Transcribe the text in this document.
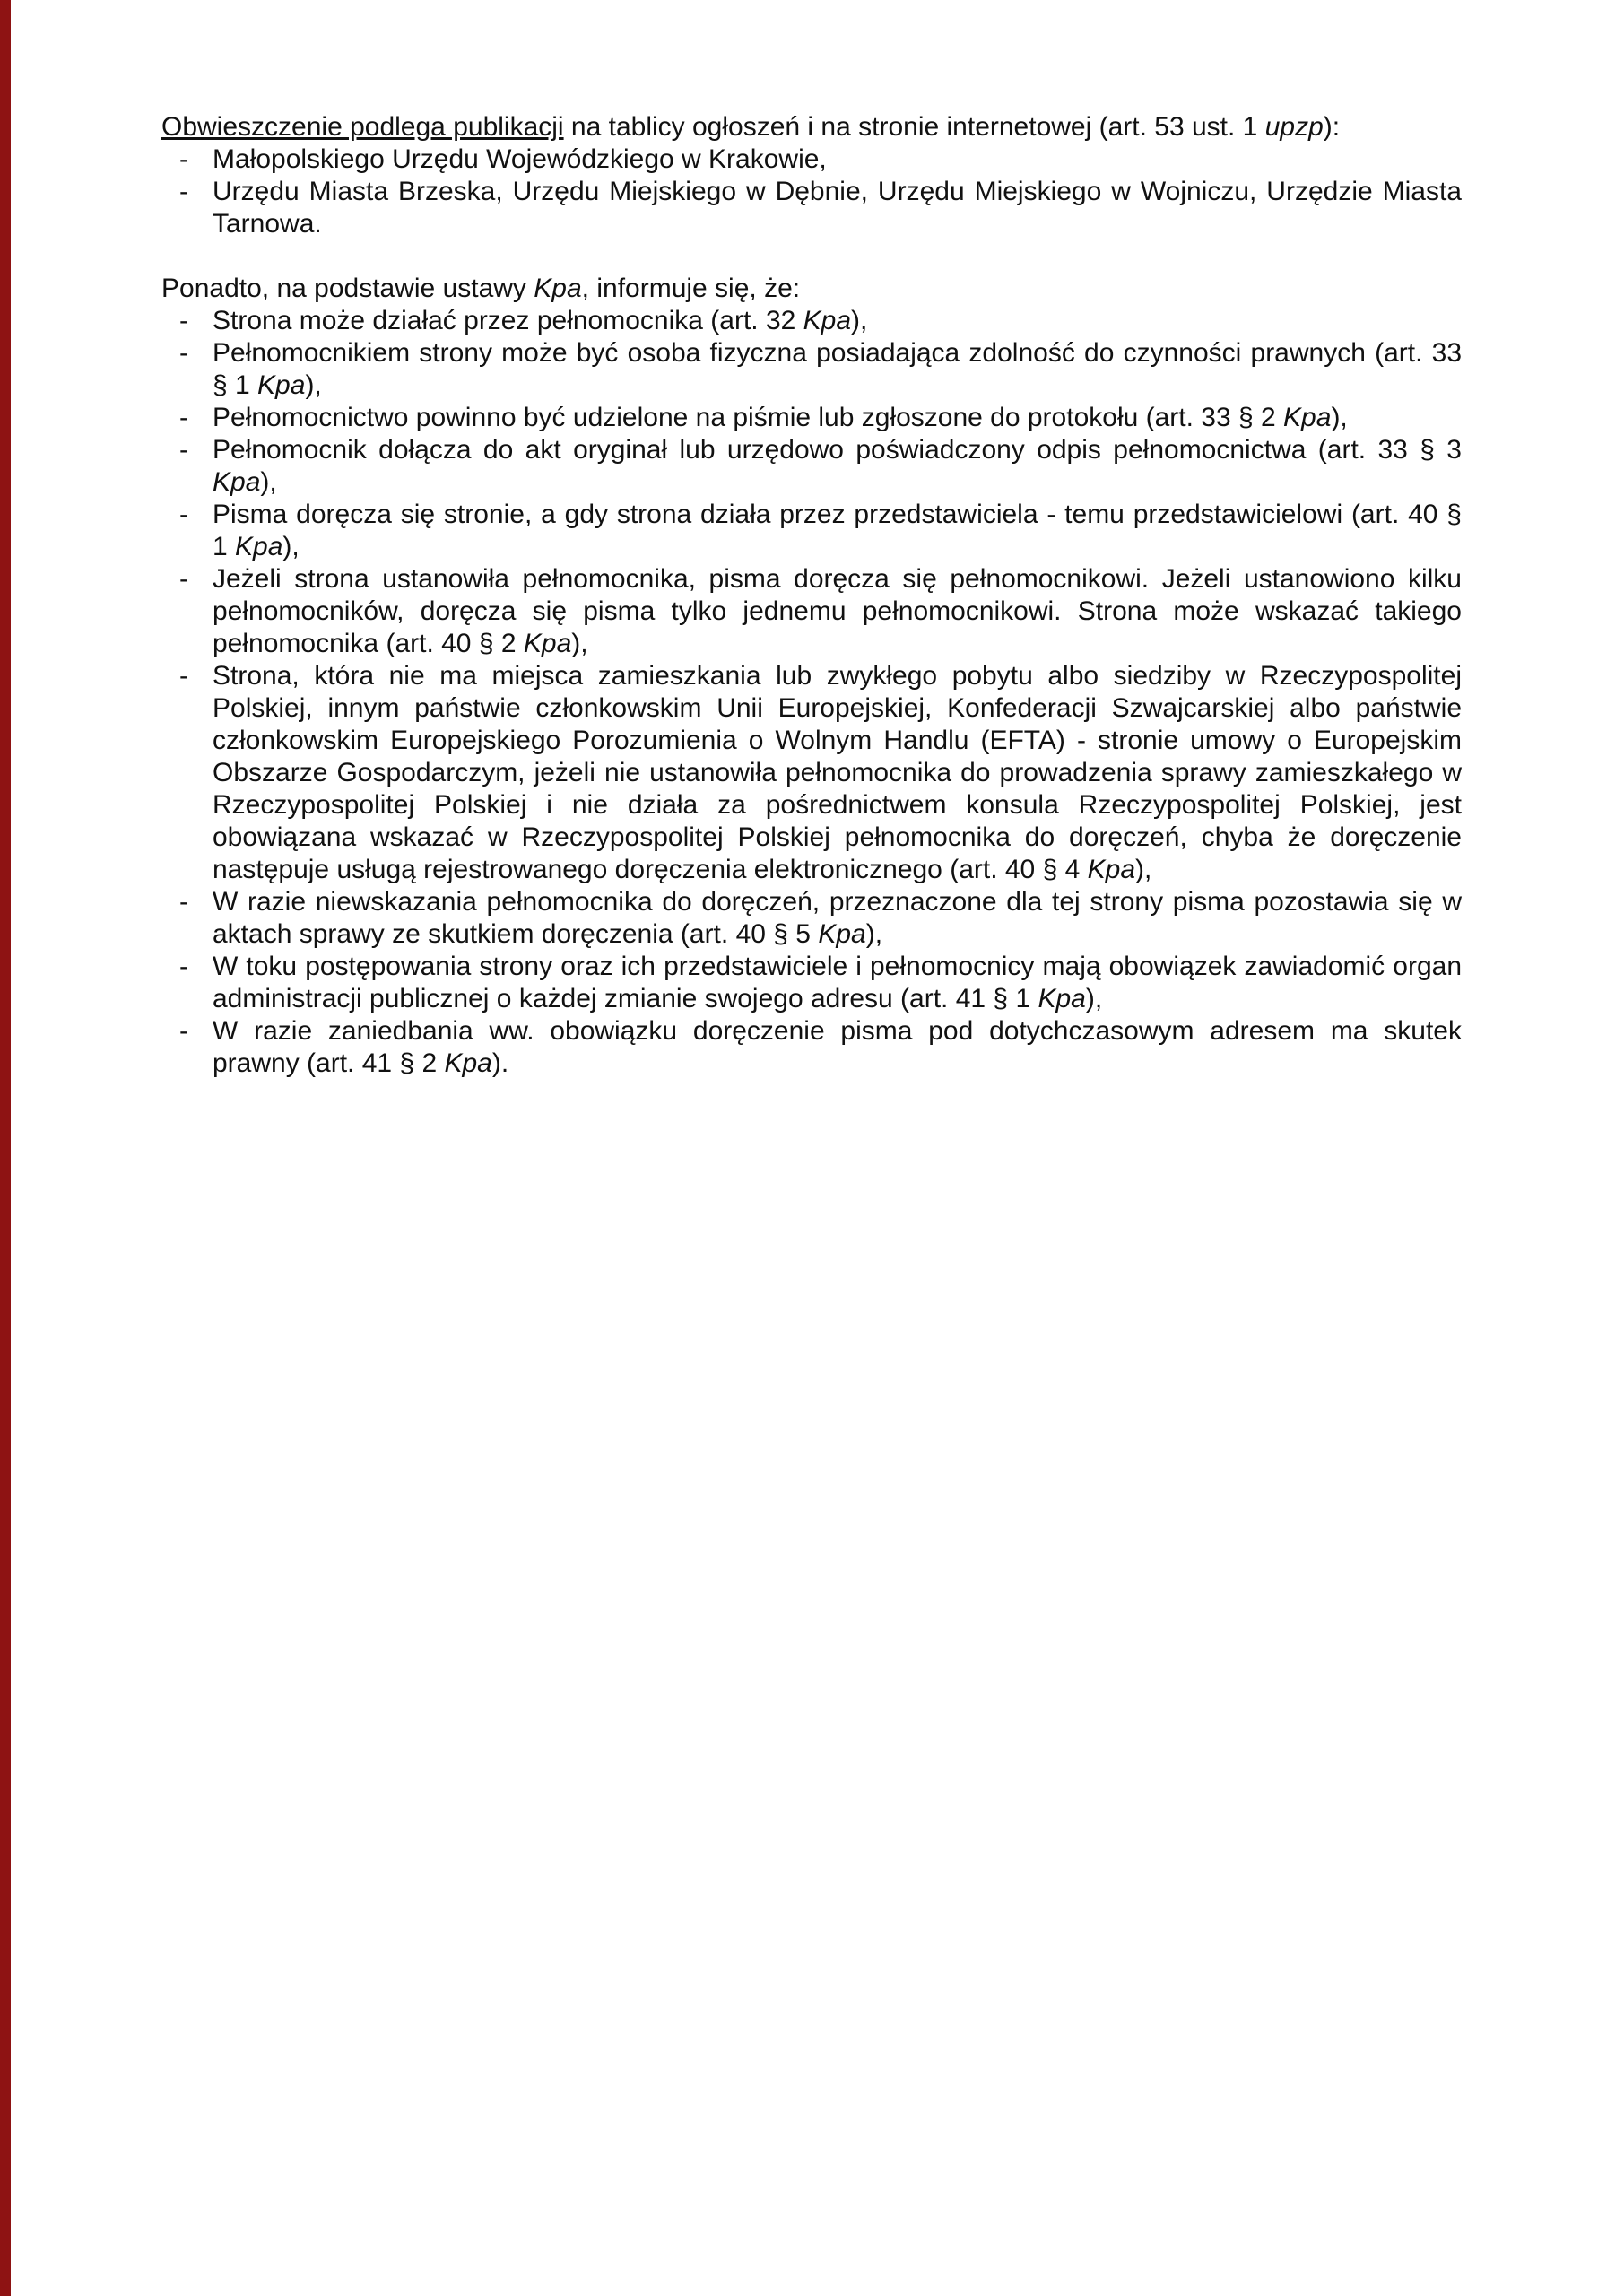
Obwieszczenie podlega publikacji na tablicy ogłoszeń i na stronie internetowej (art. 53 ust. 1 upzp):

- Małopolskiego Urzędu Wojewódzkiego w Krakowie,
- Urzędu Miasta Brzeska, Urzędu Miejskiego w Dębnie, Urzędu Miejskiego w Wojniczu, Urzędzie Miasta Tarnowa.

Ponadto, na podstawie ustawy Kpa, informuje się, że:

- Strona może działać przez pełnomocnika (art. 32 Kpa),
- Pełnomocnikiem strony może być osoba fizyczna posiadająca zdolność do czynności prawnych (art. 33 § 1 Kpa),
- Pełnomocnictwo powinno być udzielone na piśmie lub zgłoszone do protokołu (art. 33 § 2 Kpa),
- Pełnomocnik dołącza do akt oryginał lub urzędowo poświadczony odpis pełnomocnictwa (art. 33 § 3 Kpa),
- Pisma doręcza się stronie, a gdy strona działa przez przedstawiciela - temu przedstawicielowi (art. 40 § 1 Kpa),
- Jeżeli strona ustanowiła pełnomocnika, pisma doręcza się pełnomocnikowi. Jeżeli ustanowiono kilku pełnomocników, doręcza się pisma tylko jednemu pełnomocnikowi. Strona może wskazać takiego pełnomocnika (art. 40 § 2 Kpa),
- Strona, która nie ma miejsca zamieszkania lub zwykłego pobytu albo siedziby w Rzeczypospolitej Polskiej, innym państwie członkowskim Unii Europejskiej, Konfederacji Szwajcarskiej albo państwie członkowskim Europejskiego Porozumienia o Wolnym Handlu (EFTA) - stronie umowy o Europejskim Obszarze Gospodarczym, jeżeli nie ustanowiła pełnomocnika do prowadzenia sprawy zamieszkałego w Rzeczypospolitej Polskiej i nie działa za pośrednictwem konsula Rzeczypospolitej Polskiej, jest obowiązana wskazać w Rzeczypospolitej Polskiej pełnomocnika do doręczeń, chyba że doręczenie następuje usługą rejestrowanego doręczenia elektronicznego (art. 40 § 4 Kpa),
- W razie niewskazania pełnomocnika do doręczeń, przeznaczone dla tej strony pisma pozostawia się w aktach sprawy ze skutkiem doręczenia (art. 40 § 5 Kpa),
- W toku postępowania strony oraz ich przedstawiciele i pełnomocnicy mają obowiązek zawiadomić organ administracji publicznej o każdej zmianie swojego adresu (art. 41 § 1 Kpa),
- W razie zaniedbania ww. obowiązku doręczenie pisma pod dotychczasowym adresem ma skutek prawny (art. 41 § 2 Kpa).
